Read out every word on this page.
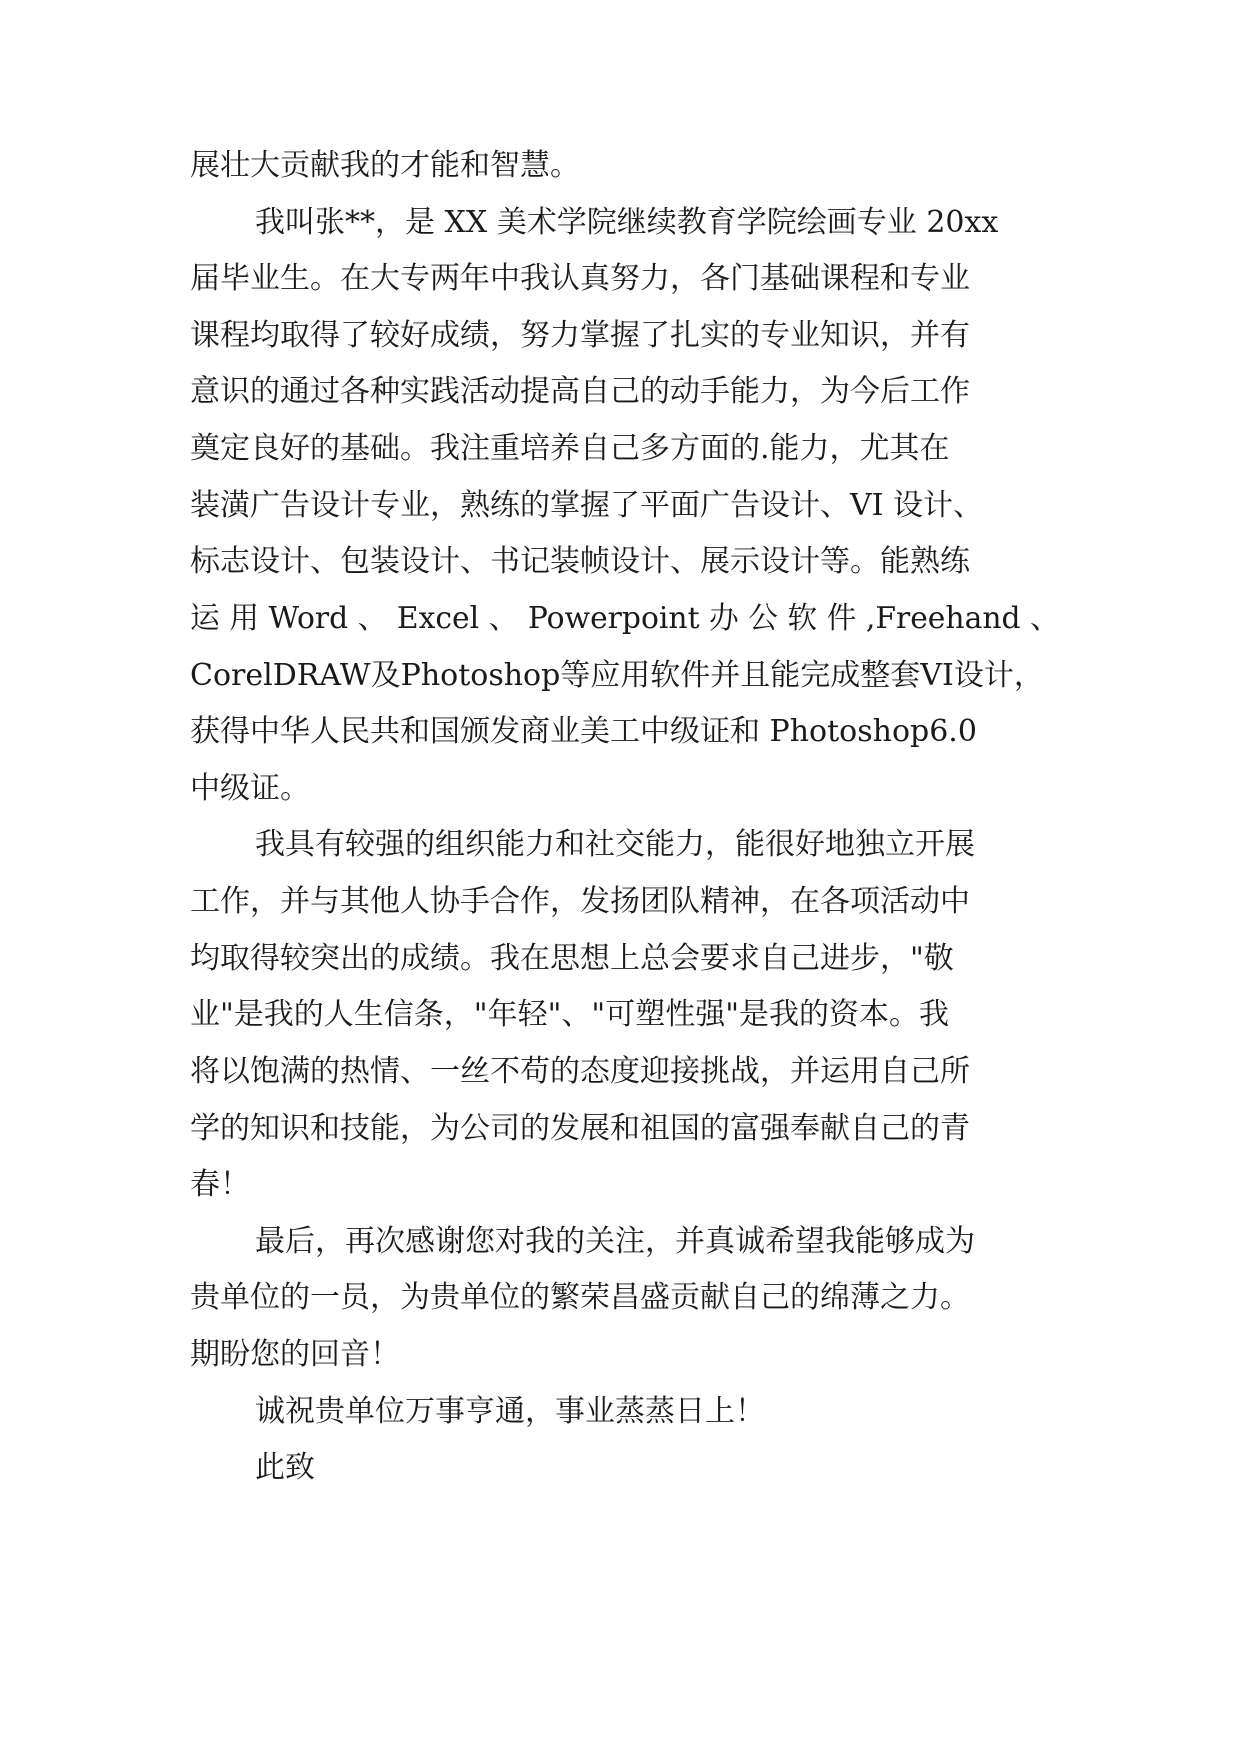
展壮大贡献我的才能和智慧。

我叫张**，是 XX 美术学院继续教育学院绘画专业 20xx

届毕业生。在大专两年中我认真努力，各门基础课程和专业

课程均取得了较好成绩，努力掌握了扎实的专业知识，并有

意识的通过各种实践活动提高自己的动手能力，为今后工作

奠定良好的基础。我注重培养自己多方面的.能力，尤其在

装潢广告设计专业，熟练的掌握了平面广告设计、VI 设计、

标志设计、包装设计、书记装帧设计、展示设计等。能熟练

运 用 Word 、 Excel 、 Powerpoint 办 公 软 件 ,Freehand 、

CorelDRAW及Photoshop等应用软件并且能完成整套VI设计，

获得中华人民共和国颁发商业美工中级证和 Photoshop6.0

中级证。

我具有较强的组织能力和社交能力，能很好地独立开展

工作，并与其他人协手合作，发扬团队精神，在各项活动中

均取得较突出的成绩。我在思想上总会要求自己进步，"敬

业"是我的人生信条，"年轻"、"可塑性强"是我的资本。我

将以饱满的热情、一丝不苟的态度迎接挑战，并运用自己所

学的知识和技能，为公司的发展和祖国的富强奉献自己的青

春！

最后，再次感谢您对我的关注，并真诚希望我能够成为

贵单位的一员，为贵单位的繁荣昌盛贡献自己的绵薄之力。

期盼您的回音！

诚祝贵单位万事亨通，事业蒸蒸日上！

此致
